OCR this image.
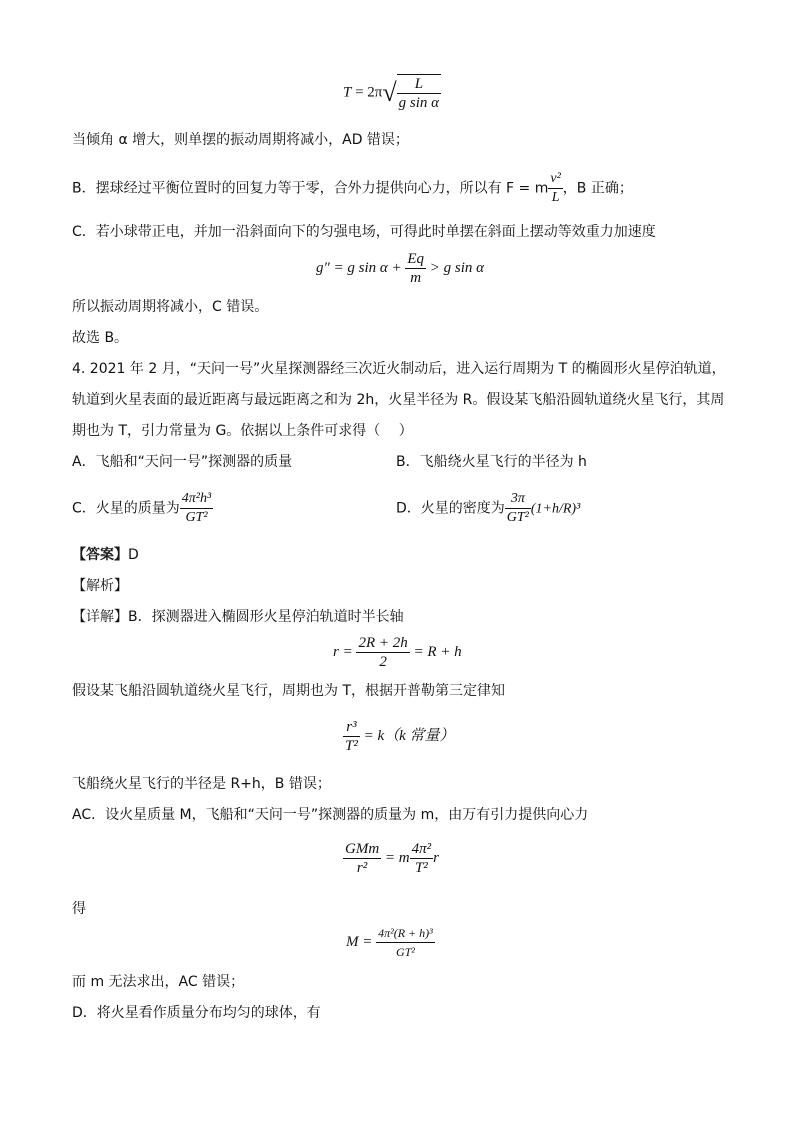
$T = 2\pi√ \frac{L}{\text{g sin α}}$
当倾角 α 增大，则单摆的振动周期将减小，AD 错误；
B．摆球经过平衡位置时的回复力等于零，合外力提供向心力，所以有 F = m $\frac{\text{v²}}{L}$ ，B 正确；
C．若小球带正电，并加一沿斜面向下的匀强电场，可得此时单摆在斜面上摆动等效重力加速度
g″ = g $\sin \alpha + \frac{Eq}{m} > g$ sin α
所以振动周期将减小，C 错误。
故选 B。
4. 2021 年 2 月，“天问一号”火星探测器经三次近火制动后，进入运行周期为 T 的椭圆形火星停泊轨道，
轨道到火星表面的最近距离与最远距离之和为 2h，火星半径为 R。假设某飞船沿圆轨道绕火星飞行，其周
期也为 T，引力常量为 G。依据以上条件可求得（　 ）
A．飞船和“天问一号”探测器的质量	B．飞船绕火星飞行的半径为 h
C．火星的质量为 $\frac{\text{4π²h³}}{\text{GT²}}$	D．火星的密度为 $\frac{3\pi}{\text{GT²}} (1+h/R)^3$
【答案】D
【解析】
【详解】B．探测器进入椭圆形火星停泊轨道时半长轴
$r = \frac{2R + 2h}{2} = R + h$
假设某飞船沿圆轨道绕火星飞行，周期也为 T，根据开普勒第三定律知
$\frac{\text{r³}}{\text{T²}} = k(k$ 常量）
飞船绕火星飞行的半径是 R+h，B 错误；
AC．设火星质量 M，飞船和“天问一号”探测器的质量为 m，由万有引力提供向心力
$\frac{\text{GMm}}{\text{r²}} = m \frac{\text{4π²}}{\text{T²}}$ r
得
$M = \frac{\text{4π²(R + h)³}}{\text{GT²}}$
而 m 无法求出，AC 错误；
D．将火星看作质量分布均匀的球体，有
